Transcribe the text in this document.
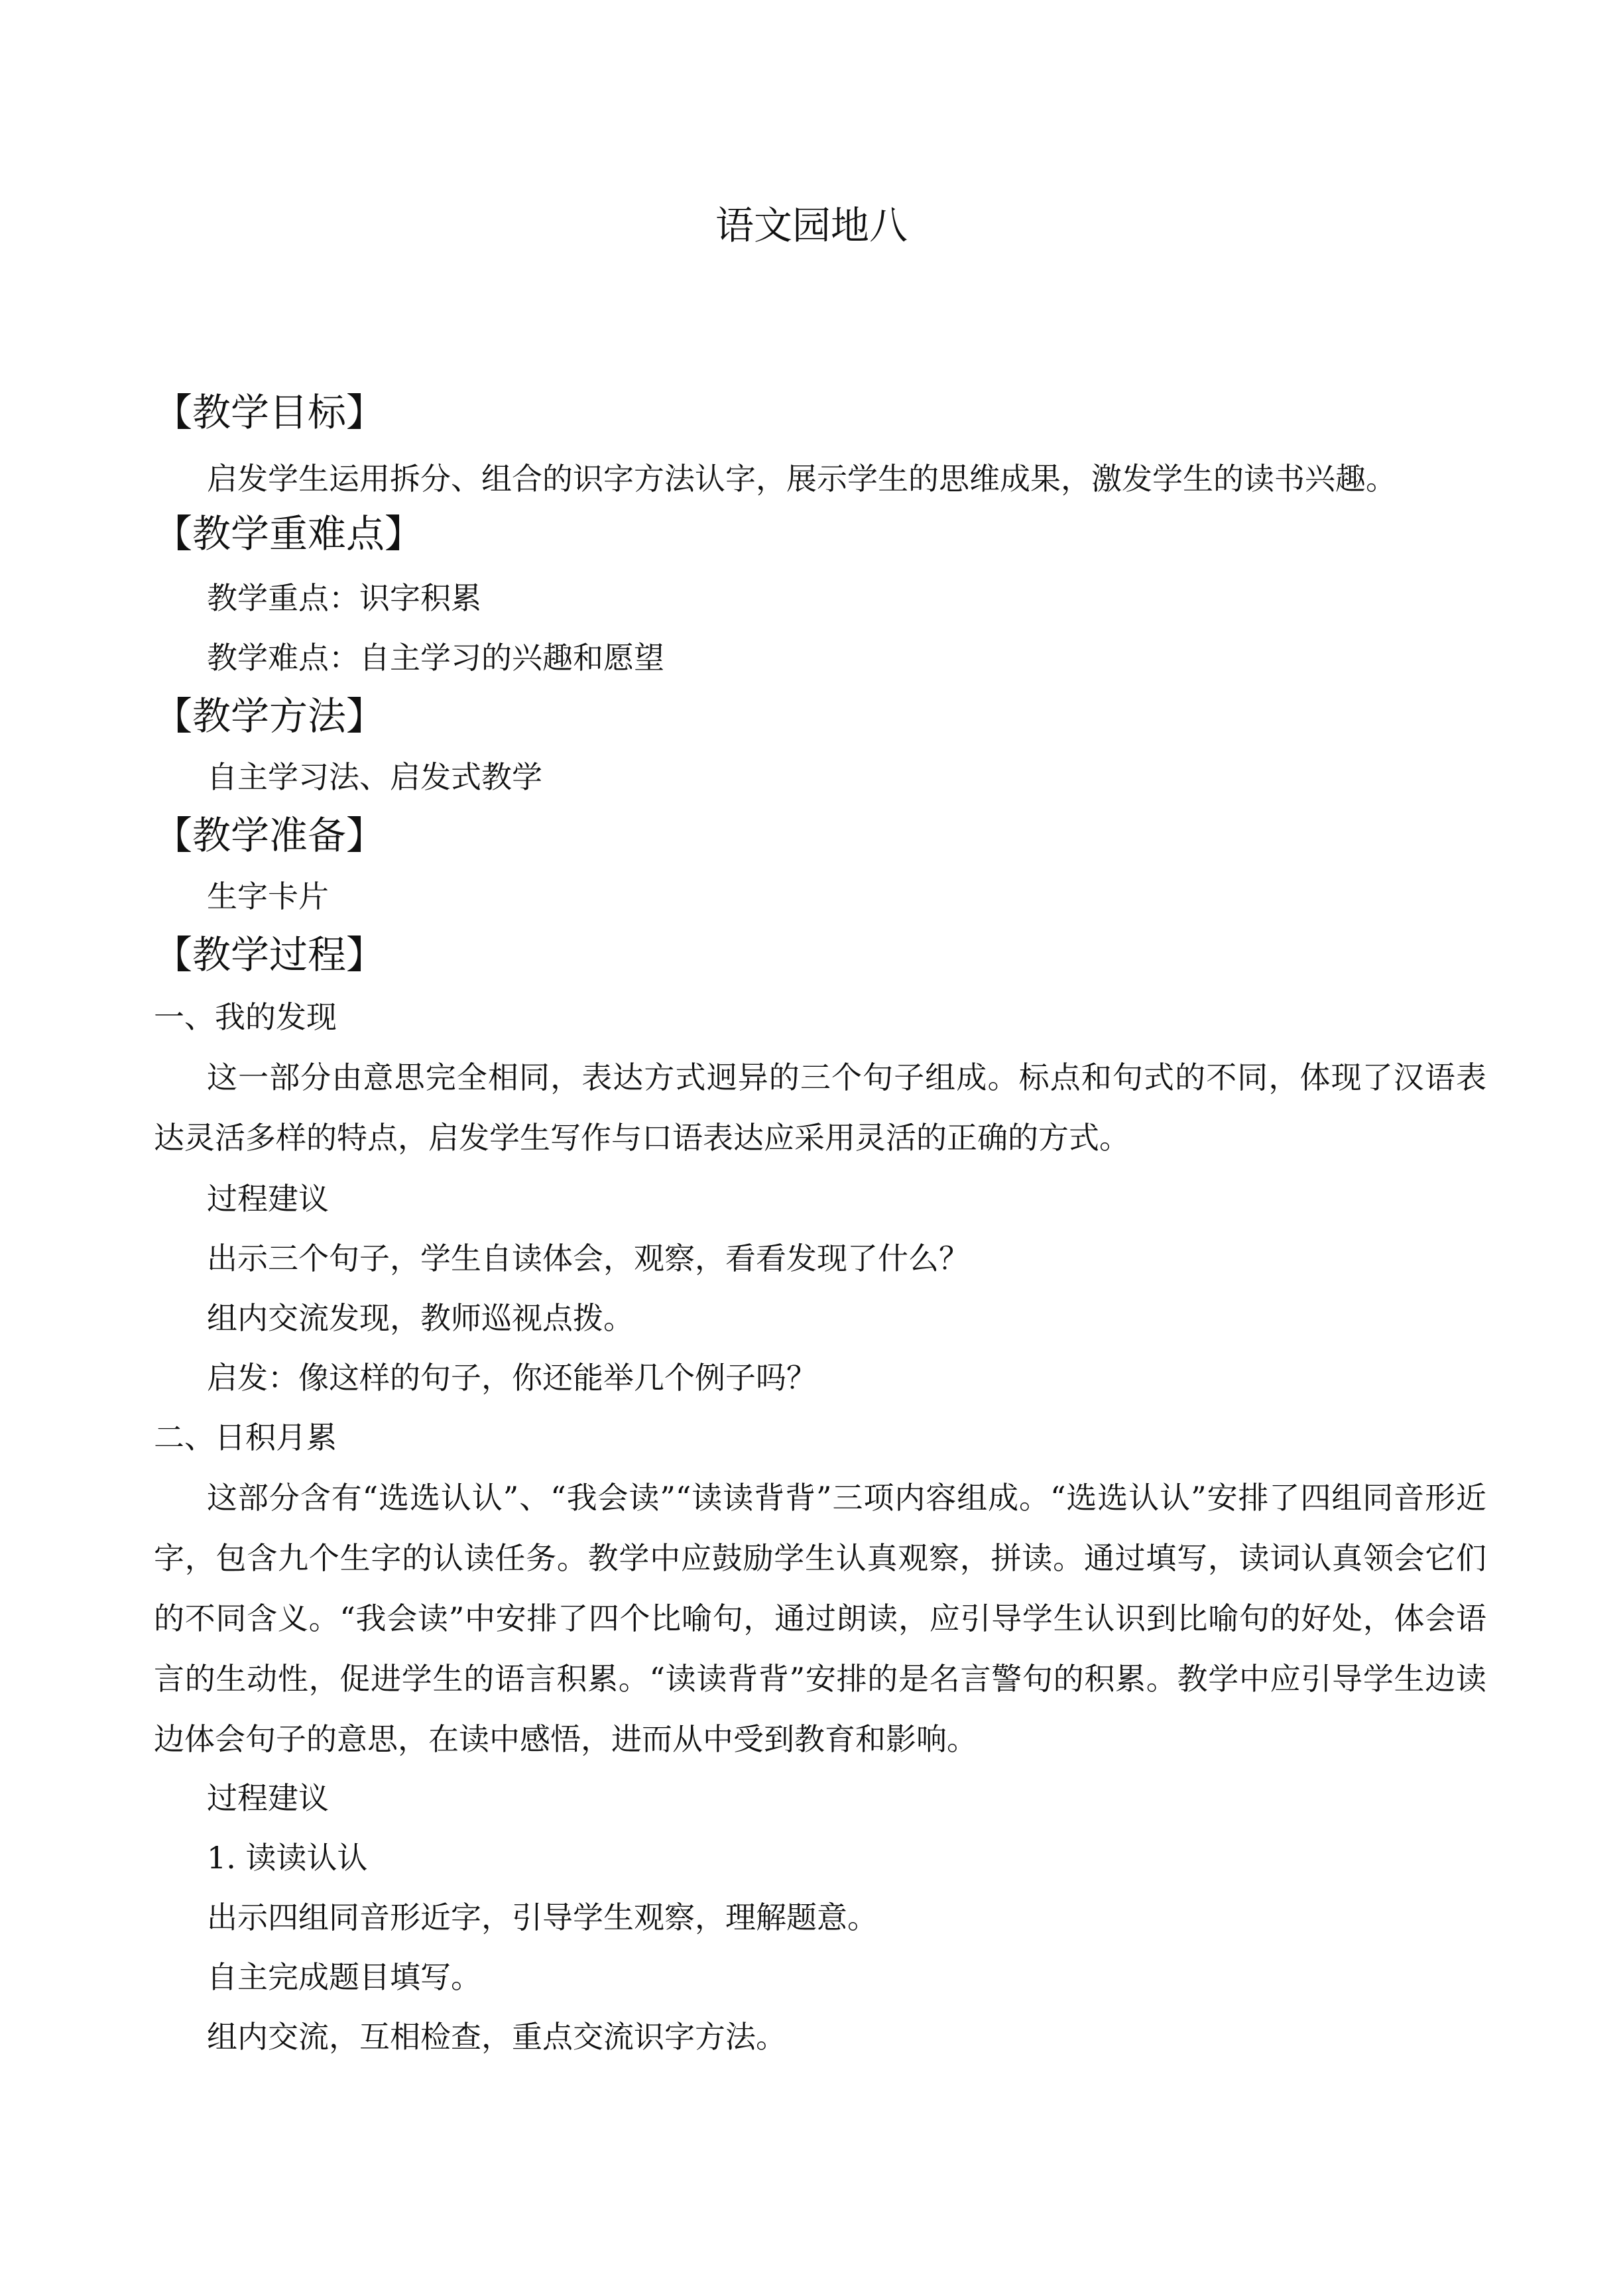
语文园地八
【教学目标】
启发学生运用拆分、组合的识字方法认字，展示学生的思维成果，激发学生的读书兴趣。
【教学重难点】
教学重点：识字积累
教学难点：自主学习的兴趣和愿望
【教学方法】
自主学习法、启发式教学
【教学准备】
生字卡片
【教学过程】
一、我的发现
这一部分由意思完全相同，表达方式迥异的三个句子组成。标点和句式的不同，体现了汉语表达灵活多样的特点，启发学生写作与口语表达应采用灵活的正确的方式。
过程建议
出示三个句子，学生自读体会，观察，看看发现了什么？
组内交流发现，教师巡视点拨。
启发：像这样的句子，你还能举几个例子吗？
二、日积月累
这部分含有“选选认认”、“我会读”“读读背背”三项内容组成。“选选认认”安排了四组同音形近字，包含九个生字的认读任务。教学中应鼓励学生认真观察，拼读。通过填写，读词认真领会它们的不同含义。“我会读”中安排了四个比喻句，通过朗读，应引导学生认识到比喻句的好处，体会语言的生动性，促进学生的语言积累。“读读背背”安排的是名言警句的积累。教学中应引导学生边读边体会句子的意思，在读中感悟，进而从中受到教育和影响。
过程建议
1. 读读认认
出示四组同音形近字，引导学生观察，理解题意。
自主完成题目填写。
组内交流，互相检查，重点交流识字方法。
